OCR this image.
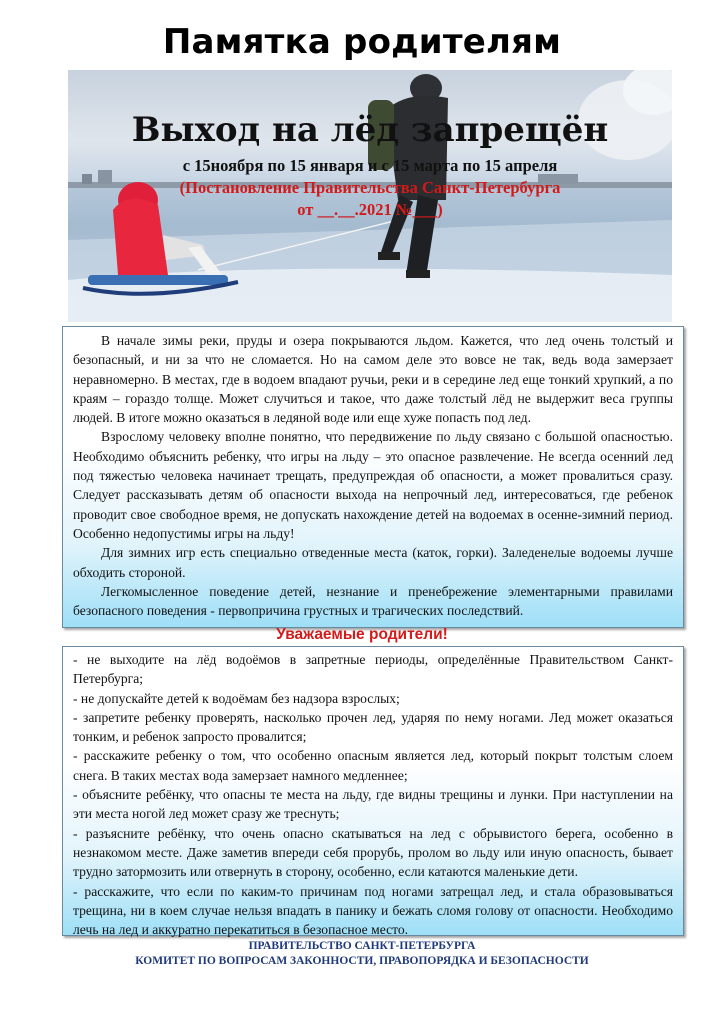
Памятка родителям
Выход на лёд запрещён
с 15ноября по 15 января и с 15 марта по 15 апреля
(Постановление Правительства Санкт-Петербурга
от __.__.2021 №___)

В начале зимы реки, пруды и озера покрываются льдом. Кажется, что лед очень толстый и безопасный, и ни за что не сломается. Но на самом деле это вовсе не так, ведь вода замерзает неравномерно. В местах, где в водоем впадают ручьи, реки и в середине лед еще тонкий хрупкий, а по краям – гораздо толще. Может случиться и такое, что даже толстый лёд не выдержит веса группы людей. В итоге можно оказаться в ледяной воде или еще хуже попасть под лед.

Взрослому человеку вполне понятно, что передвижение по льду связано с большой опасностью. Необходимо объяснить ребенку, что игры на льду – это опасное развлечение. Не всегда осенний лед под тяжестью человека начинает трещать, предупреждая об опасности, а может провалиться сразу. Следует рассказывать детям об опасности выхода на непрочный лед, интересоваться, где ребенок проводит свое свободное время, не допускать нахождение детей на водоемах в осенне-зимний период. Особенно недопустимы игры на льду!

Для зимних игр есть специально отведенные места (каток, горки). Заледенелые водоемы лучше обходить стороной.

Легкомысленное поведение детей, незнание и пренебрежение элементарными правилами безопасного поведения - первопричина грустных и трагических последствий.

Уважаемые родители!

- не выходите на лёд водоёмов в запретные периоды, определённые Правительством Санкт-Петербурга;

- не допускайте детей к водоёмам без надзора взрослых;

- запретите ребенку проверять, насколько прочен лед, ударяя по нему ногами. Лед может оказаться тонким, и ребенок запросто провалится;

- расскажите ребенку о том, что особенно опасным является лед, который покрыт толстым слоем снега. В таких местах вода замерзает намного медленнее;

- объясните ребёнку, что опасны те места на льду, где видны трещины и лунки. При наступлении на эти места ногой лед может сразу же треснуть;

- разъясните ребёнку, что очень опасно скатываться на лед с обрывистого берега, особенно в незнакомом месте. Даже заметив впереди себя прорубь, пролом во льду или иную опасность, бывает трудно затормозить или отвернуть в сторону, особенно, если катаются маленькие дети.

- расскажите, что если по каким-то причинам под ногами затрещал лед, и стала образовываться трещина, ни в коем случае нельзя впадать в панику и бежать сломя голову от опасности. Необходимо лечь на лед и аккуратно перекатиться в безопасное место.

ПРАВИТЕЛЬСТВО САНКТ-ПЕТЕРБУРГА
КОМИТЕТ ПО ВОПРОСАМ ЗАКОННОСТИ, ПРАВОПОРЯДКА И БЕЗОПАСНОСТИ
